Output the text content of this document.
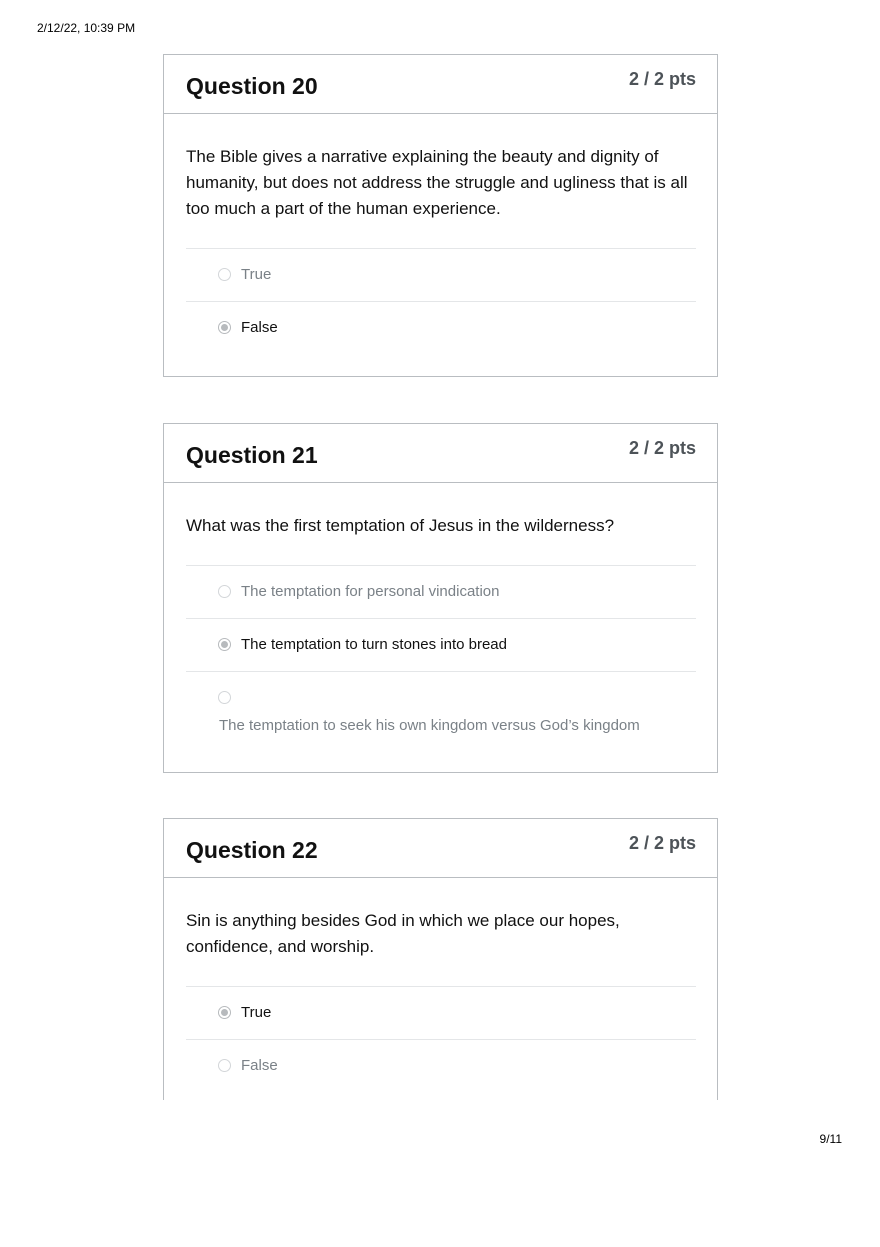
2/12/22, 10:39 PM
Question 20	2 / 2 pts

The Bible gives a narrative explaining the beauty and dignity of humanity, but does not address the struggle and ugliness that is all too much a part of the human experience.

True
False
Question 21	2 / 2 pts

What was the first temptation of Jesus in the wilderness?

The temptation for personal vindication
The temptation to turn stones into bread
The temptation to seek his own kingdom versus God’s kingdom
Question 22	2 / 2 pts

Sin is anything besides God in which we place our hopes, confidence, and worship.

True
False
9/11
